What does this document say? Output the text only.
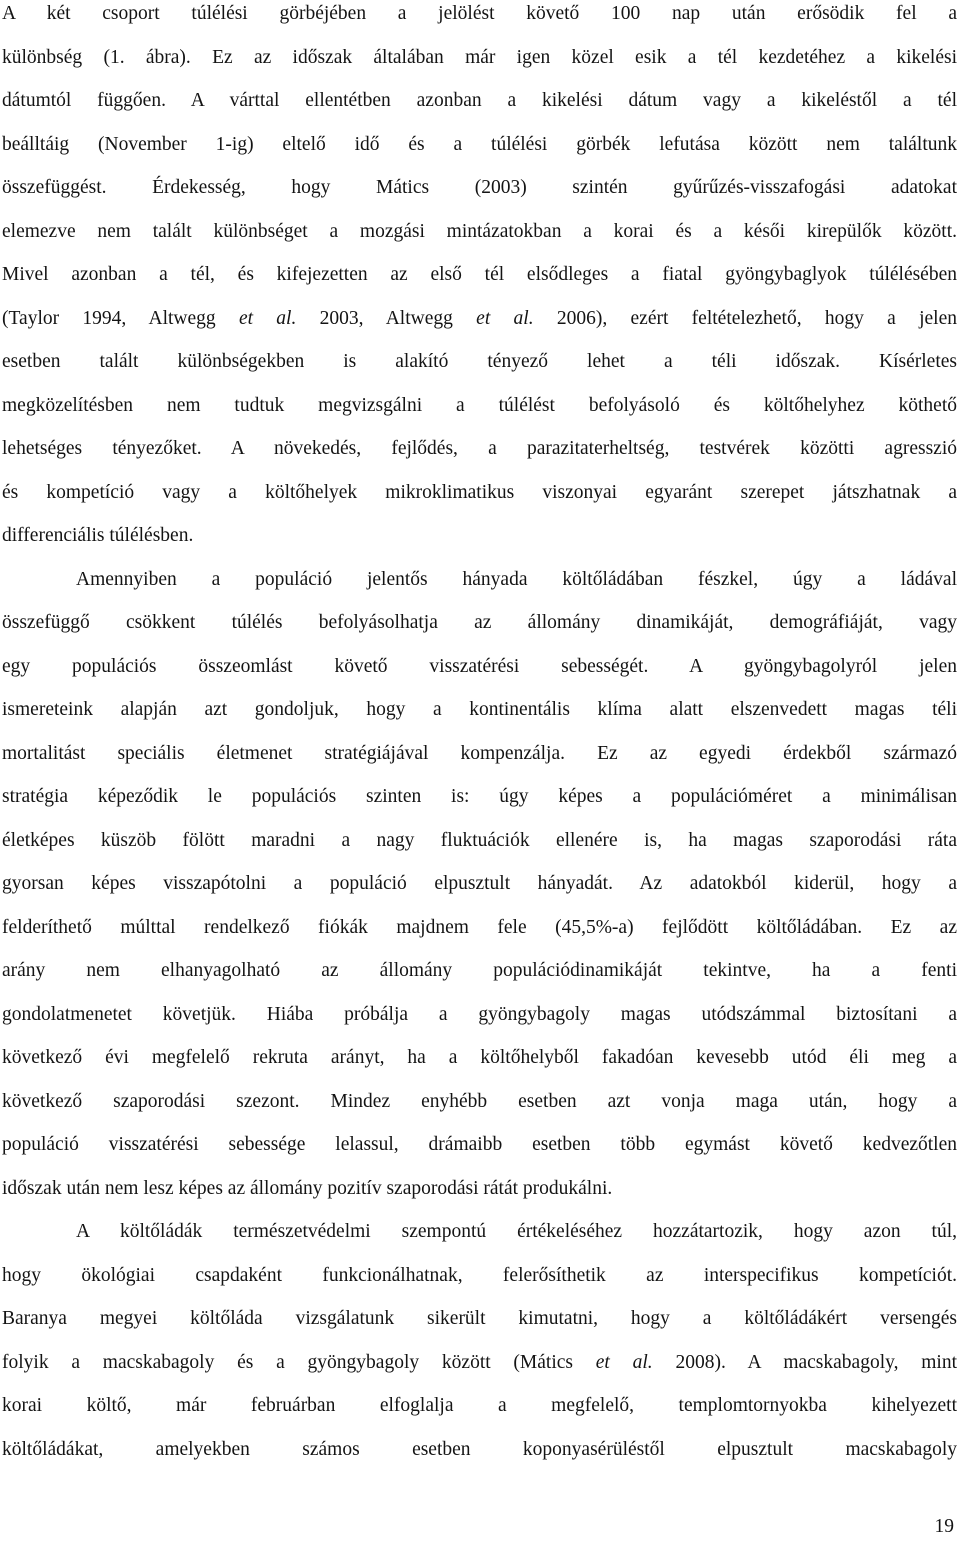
A két csoport túlélési görbéjében a jelölést követő 100 nap után erősödik fel a
különbség (1. ábra). Ez az időszak általában már igen közel esik a tél kezdetéhez a kikelési
dátumtól függően. A várttal ellentétben azonban a kikelési dátum vagy a kikeléstől a tél
beálltáig (November 1-ig) eltelő idő és a túlélési görbék lefutása között nem találtunk
összefüggést. Érdekesség, hogy Mátics (2003) szintén gyűrűzés-visszafogási adatokat
elemezve nem talált különbséget a mozgási mintázatokban a korai és a késői kirepülők között.
Mivel azonban a tél, és kifejezetten az első tél elsődleges a fiatal gyöngybaglyok túlélésében
(Taylor 1994, Altwegg et al. 2003, Altwegg et al. 2006), ezért feltételezhető, hogy a jelen
esetben talált különbségekben is alakító tényező lehet a téli időszak. Kísérletes
megközelítésben nem tudtuk megvizsgálni a túlélést befolyásoló és költőhelyhez köthető
lehetséges tényezőket. A növekedés, fejlődés, a parazitaterheltség, testvérek közötti agresszió
és kompetíció vagy a költőhelyek mikroklimatikus viszonyai egyaránt szerepet játszhatnak a
differenciális túlélésben.
Amennyiben a populáció jelentős hányada költőládában fészkel, úgy a ládával
összefüggő csökkent túlélés befolyásolhatja az állomány dinamikáját, demográfiáját, vagy
egy populációs összeomlást követő visszatérési sebességét. A gyöngybagolyról jelen
ismereteink alapján azt gondoljuk, hogy a kontinentális klíma alatt elszenvedett magas téli
mortalitást speciális életmenet stratégiájával kompenzálja. Ez az egyedi érdekből származó
stratégia képeződik le populációs szinten is: úgy képes a populációméret a minimálisan
életképes küszöb fölött maradni a nagy fluktuációk ellenére is, ha magas szaporodási ráta
gyorsan képes visszapótolni a populáció elpusztult hányadát. Az adatokból kiderül, hogy a
felderíthető múlttal rendelkező fiókák majdnem fele (45,5%-a) fejlődött költőládában. Ez az
arány nem elhanyagolható az állomány populációdinamikáját tekintve, ha a fenti
gondolatmenetet követjük. Hiába próbálja a gyöngybagoly magas utódszámmal biztosítani a
következő évi megfelelő rekruta arányt, ha a költőhelyből fakadóan kevesebb utód éli meg a
következő szaporodási szezont. Mindez enyhébb esetben azt vonja maga után, hogy a
populáció visszatérési sebessége lelassul, drámaibb esetben több egymást követő kedvezőtlen
időszak után nem lesz képes az állomány pozitív szaporodási rátát produkálni.
A költőládák természetvédelmi szempontú értékeléséhez hozzátartozik, hogy azon túl,
hogy ökológiai csapdaként funkcionálhatnak, felerősíthetik az interspecifikus kompetíciót.
Baranya megyei költőláda vizsgálatunk sikerült kimutatni, hogy a költőládákért versengés
folyik a macskabagoly és a gyöngybagoly között (Mátics et al. 2008). A macskabagoly, mint
korai költő, már februárban elfoglalja a megfelelő, templomtornyokba kihelyezett
költőládákat, amelyekben számos esetben koponyasérüléstől elpusztult macskabagoly
19
